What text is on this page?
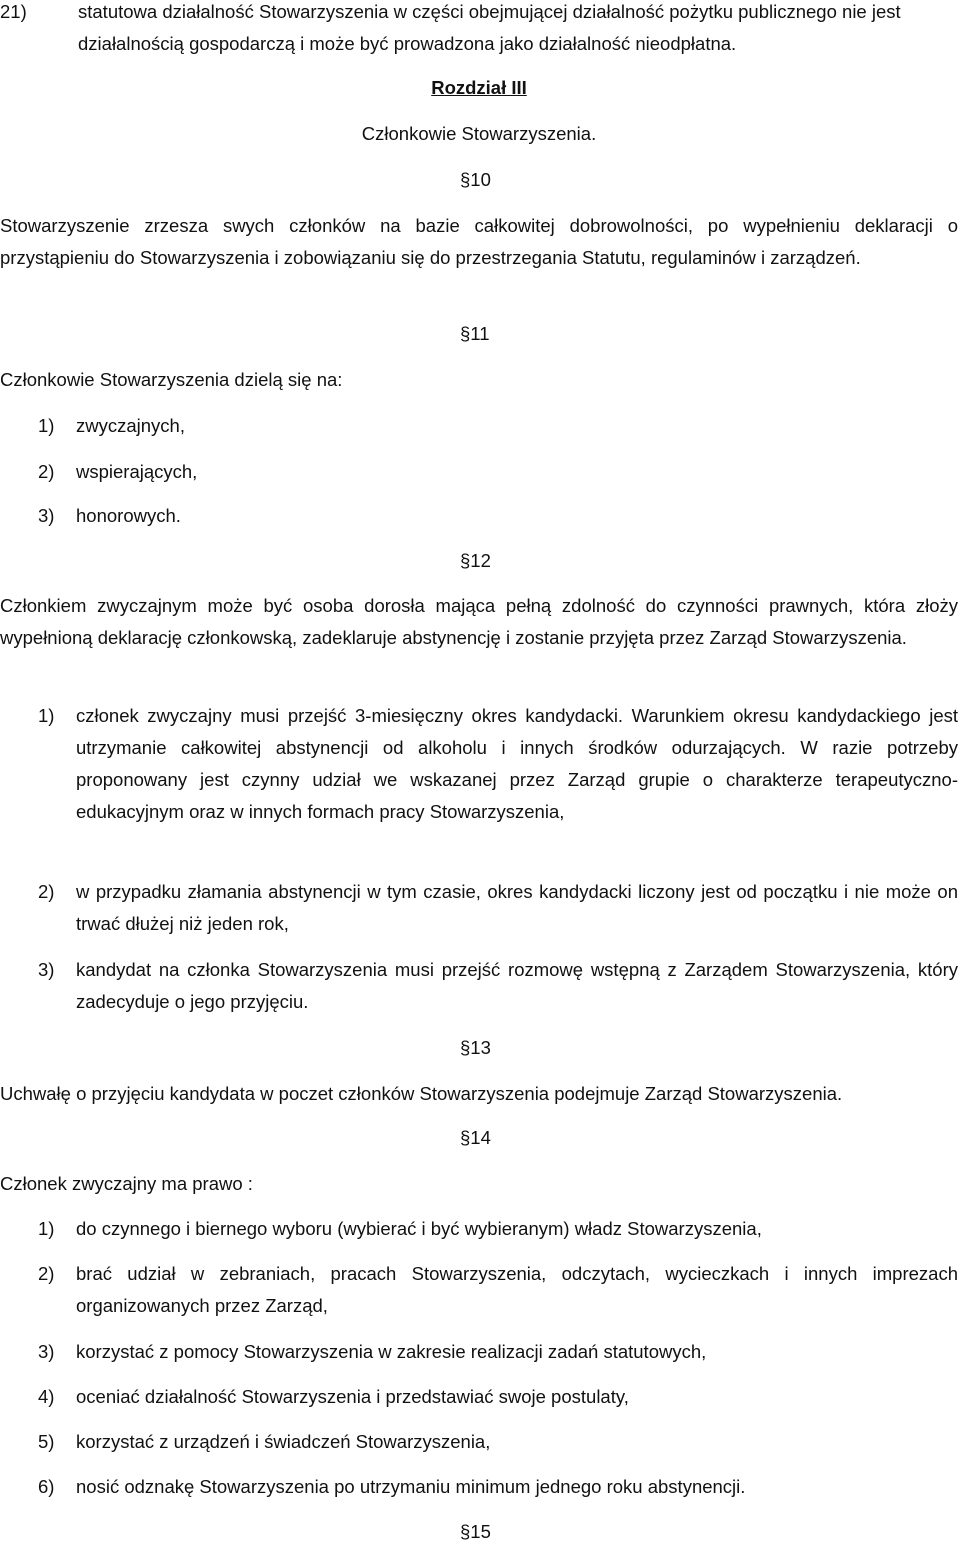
21)	statutowa działalność Stowarzyszenia w części obejmującej działalność pożytku publicznego nie jest działalnością gospodarczą i może być prowadzona jako działalność nieodpłatna.
Rozdział III
Członkowie Stowarzyszenia.
§10
Stowarzyszenie zrzesza swych członków na bazie całkowitej dobrowolności, po wypełnieniu deklaracji o przystąpieniu do Stowarzyszenia i zobowiązaniu się do przestrzegania Statutu, regulaminów i zarządzeń.
§11
Członkowie Stowarzyszenia dzielą się na:
1) zwyczajnych,
2) wspierających,
3) honorowych.
§12
Członkiem zwyczajnym może być osoba dorosła mająca pełną zdolność do czynności prawnych, która złoży wypełnioną deklarację członkowską, zadeklaruje abstynencję i zostanie przyjęta przez Zarząd Stowarzyszenia.
1) członek zwyczajny musi przejść 3-miesięczny okres kandydacki. Warunkiem okresu kandydackiego jest utrzymanie całkowitej abstynencji od alkoholu i innych środków odurzających. W razie potrzeby proponowany jest czynny udział we wskazanej przez Zarząd grupie o charakterze terapeutyczno-edukacyjnym oraz w innych formach pracy Stowarzyszenia,
2) w przypadku złamania abstynencji w tym czasie, okres kandydacki liczony jest od początku i nie może on trwać dłużej niż jeden rok,
3) kandydat na członka Stowarzyszenia musi przejść rozmowę wstępną z Zarządem Stowarzyszenia, który zadecyduje o jego przyjęciu.
§13
Uchwałę o przyjęciu kandydata w poczet członków Stowarzyszenia podejmuje Zarząd Stowarzyszenia.
§14
Członek zwyczajny ma prawo :
1) do czynnego i biernego wyboru (wybierać i być wybieranym) władz Stowarzyszenia,
2) brać udział w zebraniach, pracach Stowarzyszenia, odczytach, wycieczkach i innych imprezach organizowanych przez Zarząd,
3) korzystać z pomocy Stowarzyszenia w zakresie realizacji zadań statutowych,
4) oceniać działalność Stowarzyszenia i przedstawiać swoje postulaty,
5) korzystać z urządzeń i świadczeń Stowarzyszenia,
6) nosić odznakę Stowarzyszenia po utrzymaniu minimum jednego roku abstynencji.
§15
